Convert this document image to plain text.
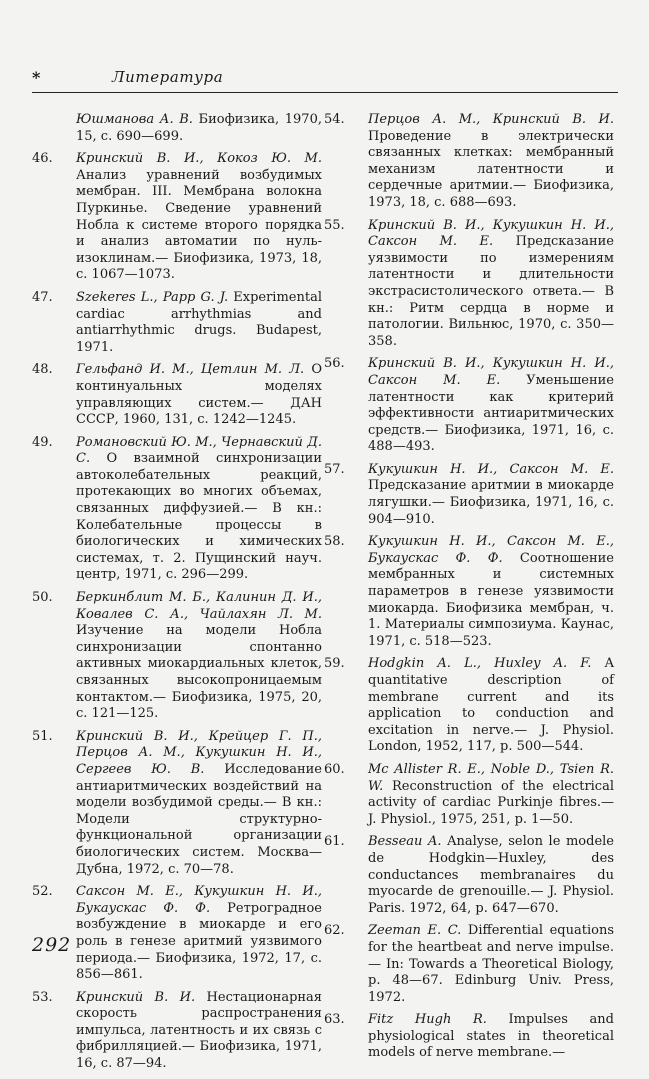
*	Литература

Юшманова А. В. Биофизика, 1970, 15, с. 690—699.

46.	Кринский В. И., Кокоз Ю. М. Анализ уравнений возбудимых мембран. III. Мембрана волокна Пуркинье. Сведение уравнений Нобла к системе второго порядка и анализ автоматии по нуль-изоклинам.— Биофизика, 1973, 18, с. 1067—1073.

47.	Szekeres L., Papp G. J. Experimental cardiac arrhythmias and antiarrhythmic drugs. Budapest, 1971.

48.	Гельфанд И. М., Цетлин М. Л. О континуальных моделях управляющих систем.— ДАН СССР, 1960, 131, с. 1242—1245.

49.	Романовский Ю. М., Чернавский Д. С. О взаимной синхронизации автоколебательных реакций, протекающих во многих объемах, связанных диффузией.— В кн.: Колебательные процессы в биологических и химических системах, т. 2. Пущинский науч. центр, 1971, с. 296—299.

50.	Беркинблит М. Б., Калинин Д. И., Ковалев С. А., Чайлахян Л. М. Изучение на модели Нобла синхронизации спонтанно активных миокардиальных клеток, связанных высокопроницаемым контактом.— Биофизика, 1975, 20, с. 121—125.

51.	Кринский В. И., Крейцер Г. П., Перцов А. М., Кукушкин Н. И., Сергеев Ю. В. Исследование антиаритмических воздействий на модели возбудимой среды.— В кн.: Модели структурно-функциональной организации биологических систем. Москва—Дубна, 1972, с. 70—78.

52.	Саксон М. Е., Кукушкин Н. И., Букаускас Ф. Ф. Ретроградное возбуждение в миокарде и его роль в генезе аритмий уязвимого периода.— Биофизика, 1972, 17, с. 856—861.

53.	Кринский В. И. Нестационарная скорость распространения импульса, латентность и их связь с фибрилляцией.— Биофизика, 1971, 16, с. 87—94.

54.	Перцов А. М., Кринский В. И. Проведение в электрически связанных клетках: мембранный механизм латентности и сердечные аритмии.— Биофизика, 1973, 18, с. 688—693.

55.	Кринский В. И., Кукушкин Н. И., Саксон М. Е. Предсказание уязвимости по измерениям латентности и длительности экстрасистолического ответа.— В кн.: Ритм сердца в норме и патологии. Вильнюс, 1970, с. 350—358.

56.	Кринский В. И., Кукушкин Н. И., Саксон М. Е. Уменьшение латентности как критерий эффективности антиаритмических средств.— Биофизика, 1971, 16, с. 488—493.

57.	Кукушкин Н. И., Саксон М. Е. Предсказание аритмии в миокарде лягушки.— Биофизика, 1971, 16, с. 904—910.

58.	Кукушкин Н. И., Саксон М. Е., Букаускас Ф. Ф. Соотношение мембранных и системных параметров в генезе уязвимости миокарда. Биофизика мембран, ч. 1. Материалы симпозиума. Каунас, 1971, с. 518—523.

59.	Hodgkin A. L., Huxley A. F. A quantitative description of membrane current and its application to conduction and excitation in nerve.— J. Physiol. London, 1952, 117, p. 500—544.

60.	Mc Allister R. E., Noble D., Tsien R. W. Reconstruction of the electrical activity of cardiac Purkinje fibres.— J. Physiol., 1975, 251, p. 1—50.

61.	Besseau A. Analyse, selon le modele de Hodgkin—Huxley, des conductances membranaires du myocarde de grenouille.— J. Physiol. Paris. 1972, 64, p. 647—670.

62.	Zeeman E. C. Differential equations for the heartbeat and nerve impulse.— In: Towards a Theoretical Biology, p. 48—67. Edinburg Univ. Press, 1972.

63.	Fitz Hugh R. Impulses and physiological states in theoretical models of nerve membrane.—

292
